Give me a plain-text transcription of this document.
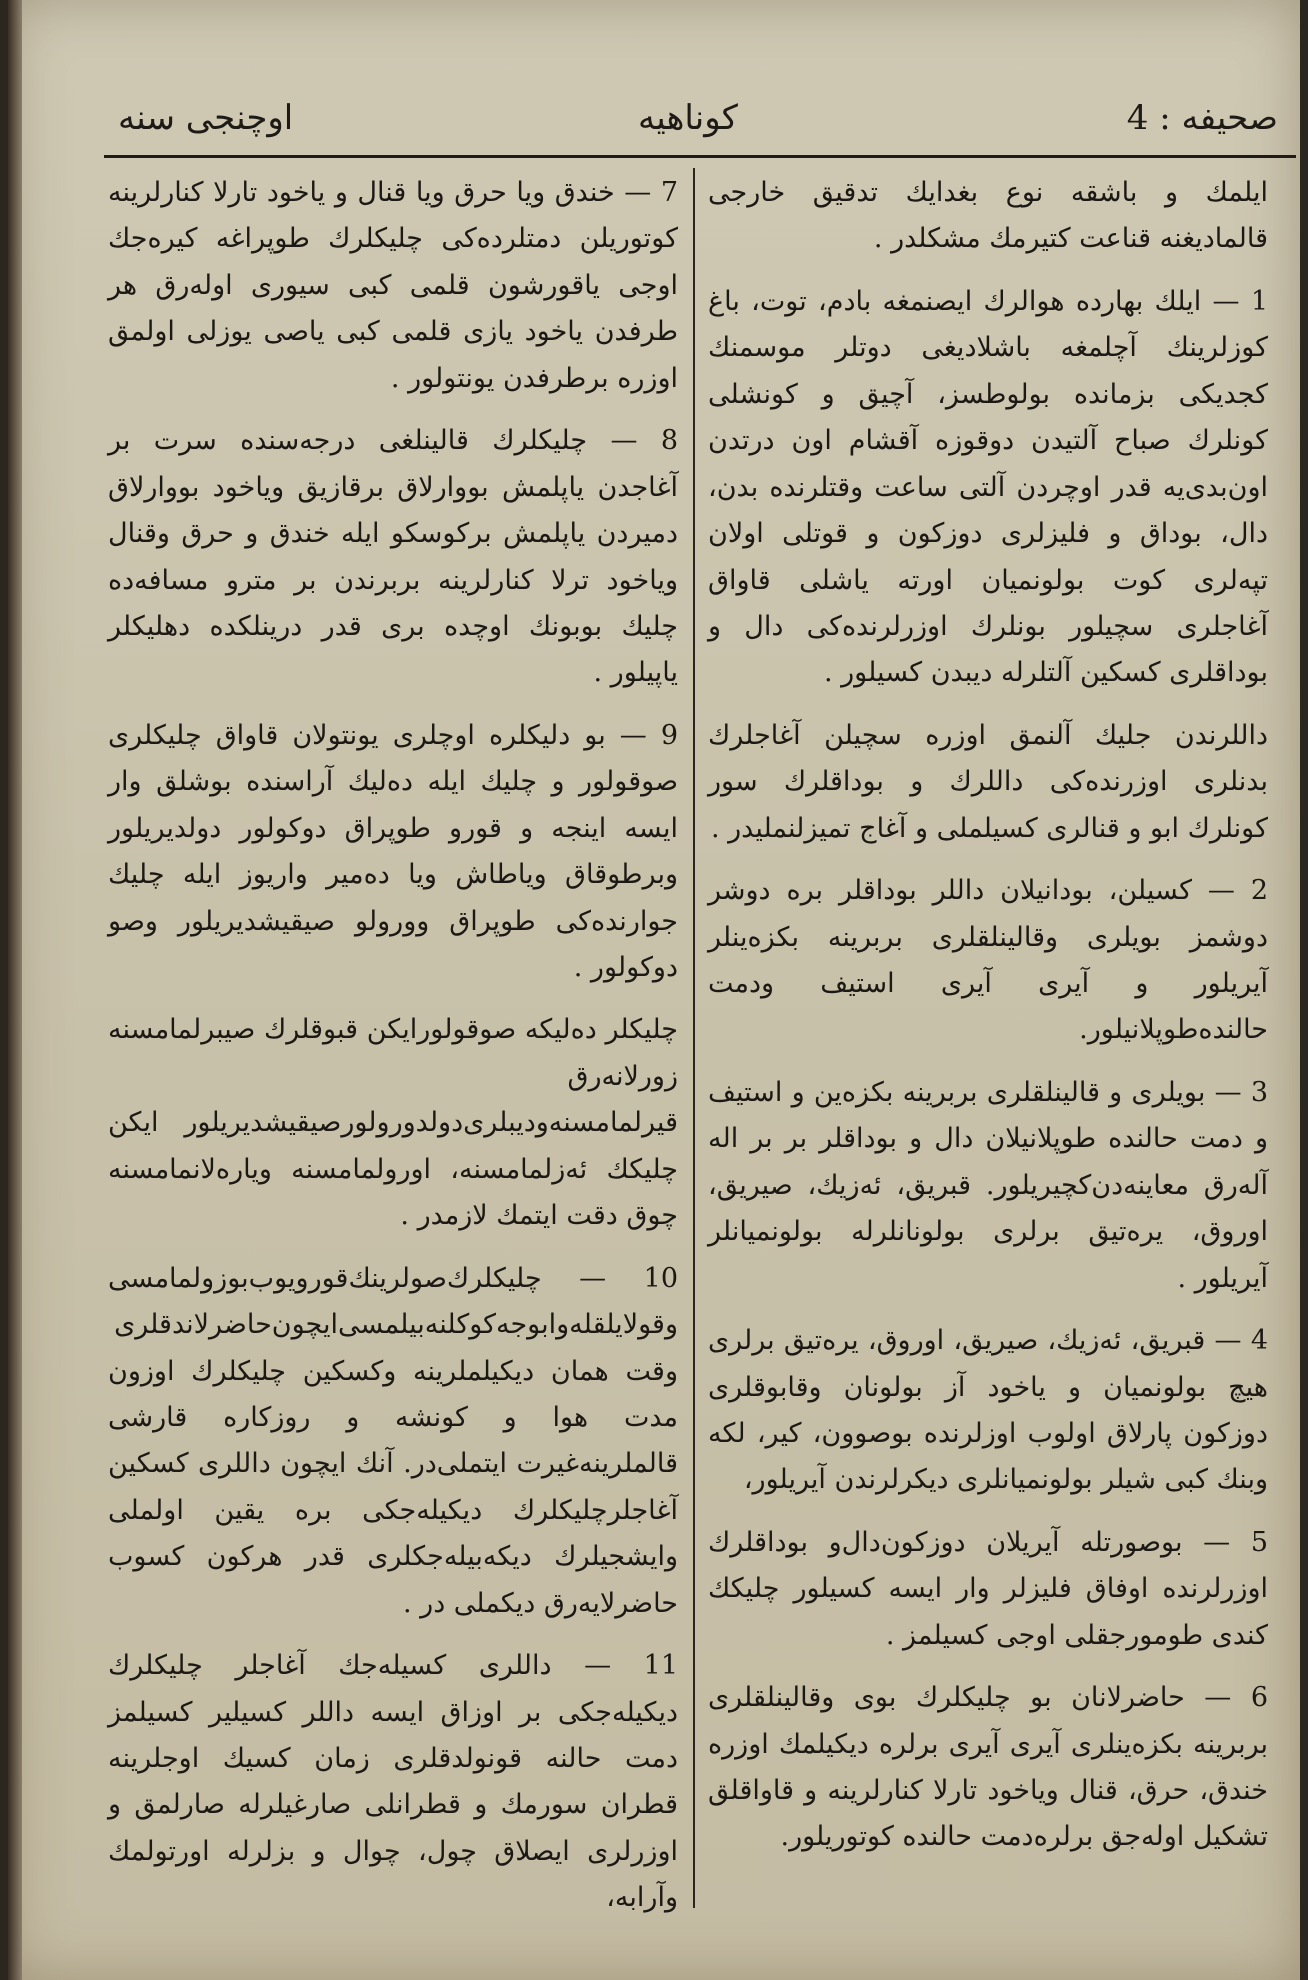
اوچنجی سنه	کوناهیه	صحیفه : 4

ایلمك و باشقه نوع بغدایك تدقیق خارجی قالمادیغنه قناعت کتیرمك مشکلدر .

1 — ایلك بهارده هوالرك ایصنمغه بادم، توت، باغ کوزلرینك آچلمغه باشلادیغی دوتلر موسمنك کجدیکی بزمانده بولوطسز، آچیق و کونشلی کونلرك صباح آلتیدن دوقوزه آقشام اون درتدن اون‌بدی‌یه قدر اوچردن آلتی ساعت وقتلرنده بدن، دال، بوداق و فلیزلری دوزکون و قوتلی اولان تپه‌لری کوت بولونمیان اورته یاشلی قاواق آغاجلری سچیلور بونلرك اوزرلرنده‌کی دال و بوداقلری کسکین آلتلرله دیبدن کسیلور .

داللرندن جلیك آلنمق اوزره سچیلن آغاجلرك بدنلری اوزرنده‌کی داللرك و بوداقلرك سور کونلرك ابو و قنالری کسیلملی و آغاج تمیزلنملیدر .

2 — کسیلن، بودانیلان داللر بوداقلر بره دوشر دوشمز بویلری وقالینلقلری بربرینه بکزه‌ینلر آیریلور و آیری آیری استیف ودمت حالنده‌طوپلانیلور.

3 — بویلری و قالینلقلری بربرینه بکزه‌ین و استیف و دمت حالنده طوپلانیلان دال و بوداقلر بر بر اله آله‌رق معاینه‌دن‌کچیریلور. قبریق، ئه‌زیك، صیریق، اوروق، یره‌تیق برلری بولونانلرله بولونمیانلر آیریلور .

4 — قبریق، ئه‌زیك، صیریق، اوروق، یره‌تیق برلری هیچ بولونمیان و یاخود آز بولونان وقابوقلری دوزکون پارلاق اولوب اوزلرنده بوصوون، کیر، لکه وبنك کبی شیلر بولونمیانلری دیکرلرندن آیریلور،

5 — بوصورتله آیریلان دوزکون‌دال‌و بوداقلرك اوزرلرنده اوفاق فلیزلر وار ایسه کسیلور چلیکك کندی طومورجقلی اوجی کسیلمز .

6 — حاضرلانان بو چلیکلرك بوی وقالینلقلری بربرینه بکزه‌ینلری آیری آیری برلره دیکیلمك اوزره خندق، حرق، قنال ویاخود تارلا کنارلرینه و قاواقلق تشکیل اوله‌جق برلره‌دمت حالنده کوتوریلور.

7 — خندق ویا حرق ویا قنال و یاخود تارلا کنارلرینه کوتوریلن دمتلرده‌کی چلیکلرك طوپراغه کیره‌جك اوجی یاقورشون قلمی کبی سیوری اوله‌رق هر طرفدن یاخود یازی قلمی کبی یاصی یوزلی اولمق اوزره برطرفدن یونتولور .

8 — چلیکلرك قالینلغی درجه‌سنده سرت بر آغاجدن یاپلمش بووارلاق برقازیق ویاخود بووارلاق دمیردن یاپلمش برکوسکو ایله خندق و حرق وقنال ویاخود ترلا کنارلرینه بربرندن بر مترو مسافه‌ده چلیك بوبونك اوچده بری قدر درینلکده دهلیکلر یاپیلور .

9 — بو دلیکلره اوچلری یونتولان قاواق چلیکلری صوقولور و چلیك ایله ده‌لیك آراسنده بوشلق وار ایسه اینجه و قورو طوپراق دوکولور دولدیریلور وبرطوقاق ویاطاش ویا ده‌میر واریوز ایله چلیك جوارنده‌کی طوپراق وورولو صیقیشدیریلور وصو دوکولور .

چلیکلر ده‌لیکه صوقولورایکن قبوقلرك صیبرلمامسنه زورلانه‌رق قیرلمامسنه‌ودیبلری‌دولدورولورصیقیشدیریلور ایکن چلیکك ئه‌زلمامسنه، اورولمامسنه ویاره‌لانمامسنه چوق دقت ایتمك لازمدر .

10 — چلیکلرك‌صولرینك‌قورویوب‌بوزولمامسی وقولایلقله‌وابوجه‌کوکلنه‌بیلمسی‌ایچون‌حاضرلاندقلری وقت همان دیکیلملرینه وکسکین چلیکلرك اوزون مدت هوا و کونشه و روزکاره قارشی قالملرینه‌غیرت ایتملی‌در. آنك ایچون داللری کسکین آغاجلر‌چلیکلرك دیکیله‌جکی بره یقین اولملی وایشجیلرك دیکه‌بیله‌جکلری قدر هرکون کسوب حاضرلایه‌رق دیکملی در .

11 — داللری کسیله‌جك آغاجلر چلیکلرك دیکیله‌جکی بر اوزاق ایسه داللر کسیلیر کسیلمز دمت حالنه قونولدقلری زمان کسیك اوجلرینه قطران سورمك و قطرانلی صارغیلرله صارلمق و اوزرلری ایصلاق چول، چوال و بزلرله اورتولمك وآرابه،
